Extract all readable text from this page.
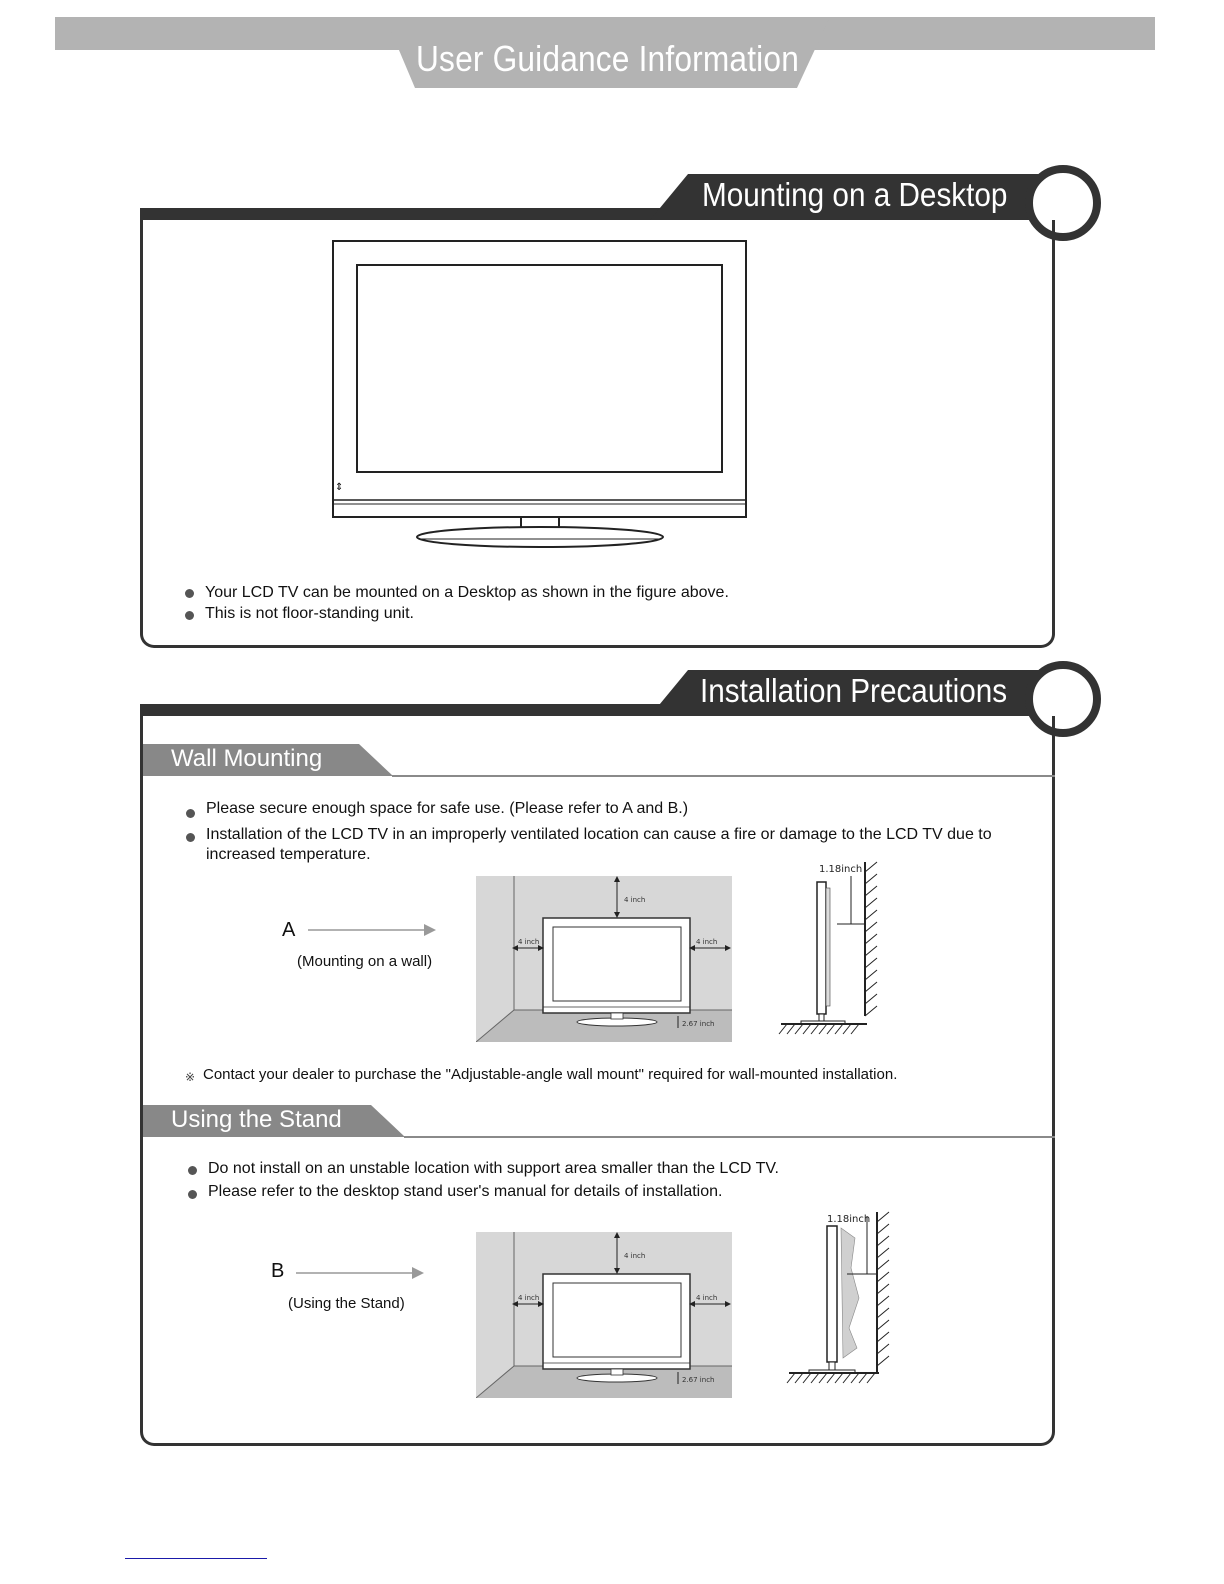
User Guidance Information
Mounting on a Desktop
⇕
Your LCD TV can be mounted on a Desktop as shown in the figure above.
This is not floor-standing unit.
Installation Precautions
Wall Mounting
Please secure enough space for safe use. (Please refer to A and B.)
Installation of the LCD TV in an improperly ventilated location can cause a fire or damage to the LCD TV due to increased temperature.
A
(Mounting on a wall)
4 inch
4 inch	4 inch
2.67 inch
1.18inch
※ Contact your dealer to purchase the "Adjustable-angle wall mount" required for wall-mounted installation.
Using the Stand
Do not install on an unstable location with support area smaller than the LCD TV.
Please refer to the desktop stand user's manual for details of installation.
B
(Using the Stand)
4 inch
4 inch	4 inch
2.67 inch
1.18inch
